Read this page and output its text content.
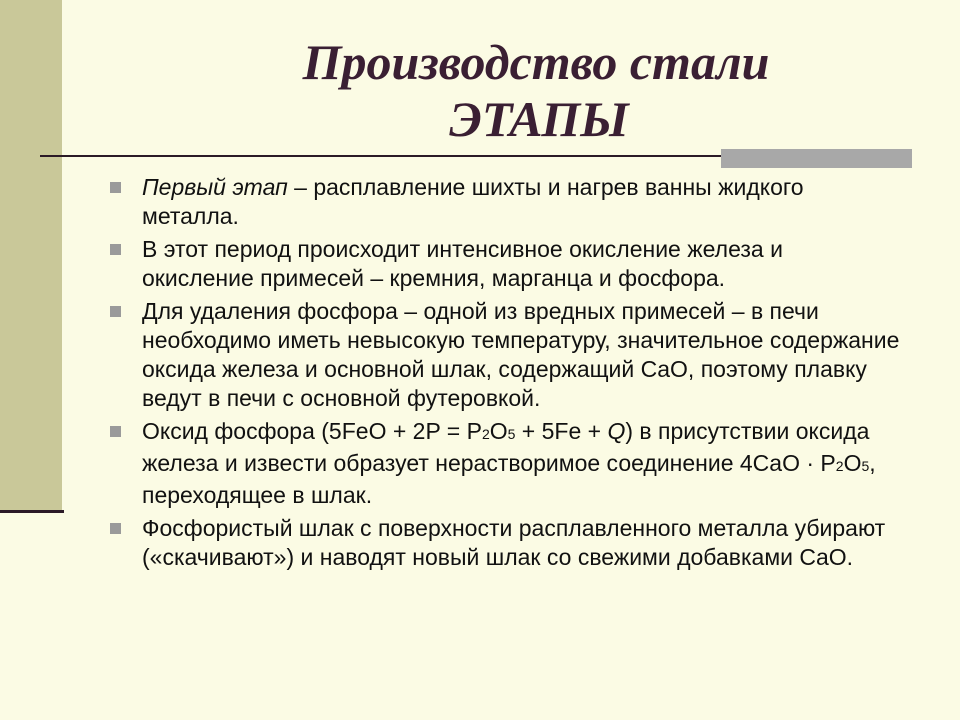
Производство стали
ЭТАПЫ
Первый этап – расплавление шихты и нагрев ванны жидкого металла.
В этот период происходит интенсивное окисление железа и окисление примесей – кремния, марганца и фосфора.
Для удаления фосфора – одной из вредных примесей – в печи необходимо иметь невысокую температуру, значительное содержание оксида железа и основной шлак, содержащий CaO, поэтому плавку ведут в печи с основной футеровкой.
Оксид фосфора (5FeO + 2P = P2O5 + 5Fe + Q) в присутствии оксида железа и извести образует нерастворимое соединение 4CaO · P2O5, переходящее в шлак.
Фосфористый шлак с поверхности расплавленного металла убирают («скачивают») и наводят новый шлак со свежими добавками CaO.
